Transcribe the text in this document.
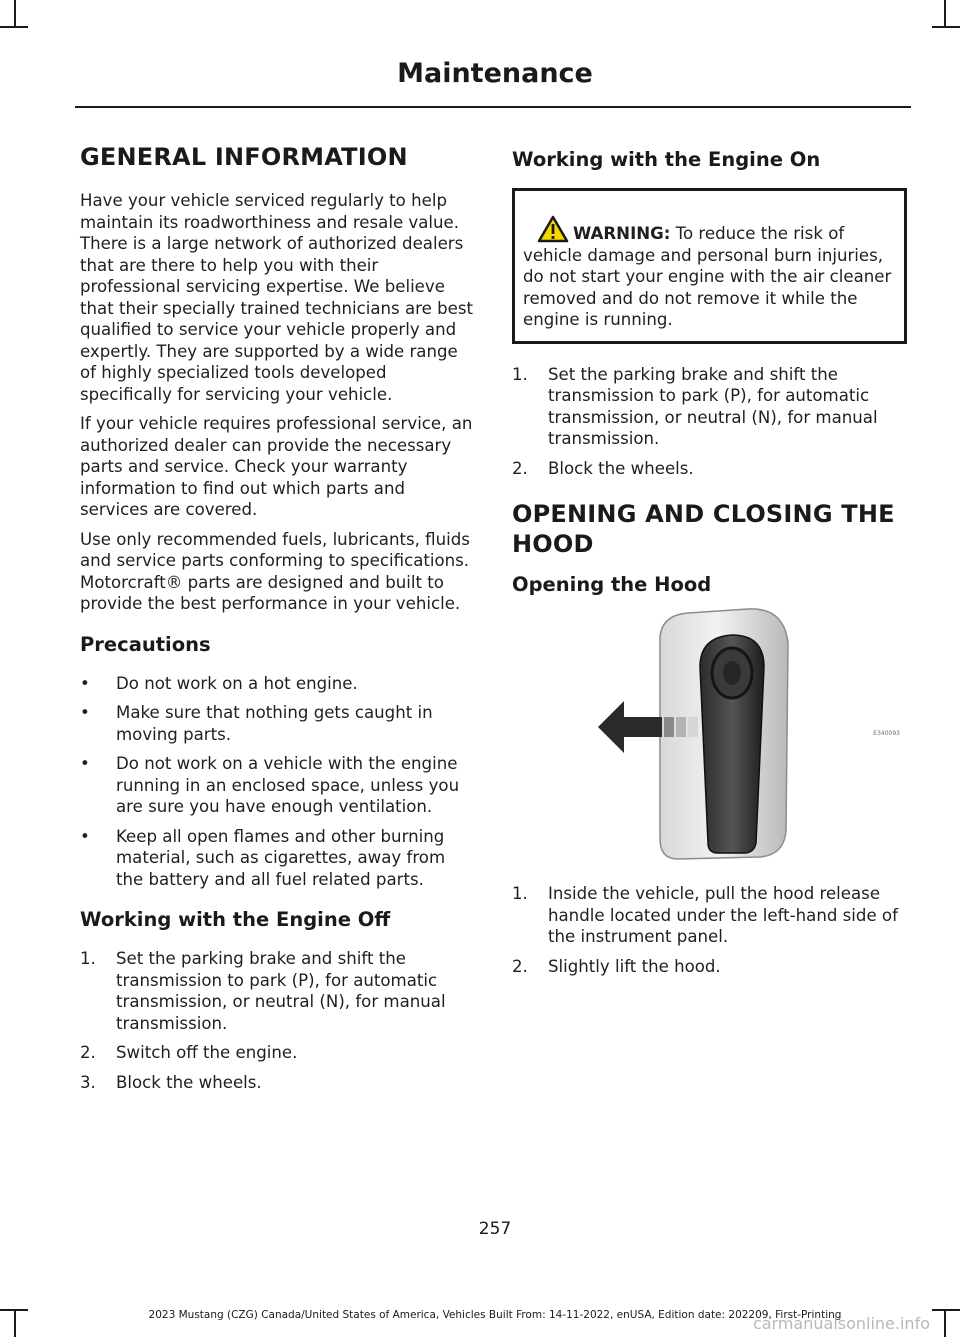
Maintenance
GENERAL INFORMATION

Have your vehicle serviced regularly to help maintain its roadworthiness and resale value. There is a large network of authorized dealers that are there to help you with their professional servicing expertise. We believe that their specially trained technicians are best qualified to service your vehicle properly and expertly. They are supported by a wide range of highly specialized tools developed specifically for servicing your vehicle.

If your vehicle requires professional service, an authorized dealer can provide the necessary parts and service. Check your warranty information to find out which parts and services are covered.

Use only recommended fuels, lubricants, fluids and service parts conforming to specifications. Motorcraft® parts are designed and built to provide the best performance in your vehicle.

Precautions
•	Do not work on a hot engine.
•	Make sure that nothing gets caught in moving parts.
•	Do not work on a vehicle with the engine running in an enclosed space, unless you are sure you have enough ventilation.
•	Keep all open flames and other burning material, such as cigarettes, away from the battery and all fuel related parts.
Working with the Engine Off
1.	Set the parking brake and shift the transmission to park (P), for automatic transmission, or neutral (N), for manual transmission.
2.	Switch off the engine.
3.	Block the wheels.
Working with the Engine On

WARNING: To reduce the risk of vehicle damage and personal burn injuries, do not start your engine with the air cleaner removed and do not remove it while the engine is running.

1.	Set the parking brake and shift the transmission to park (P), for automatic transmission, or neutral (N), for manual transmission.
2.	Block the wheels.
OPENING AND CLOSING THE HOOD
Opening the Hood
E340093
1.	Inside the vehicle, pull the hood release handle located under the left-hand side of the instrument panel.
2.	Slightly lift the hood.
257
2023 Mustang (CZG) Canada/United States of America, Vehicles Built From: 14-11-2022, enUSA, Edition date: 202209, First-Printing
carmanualsonline.info
